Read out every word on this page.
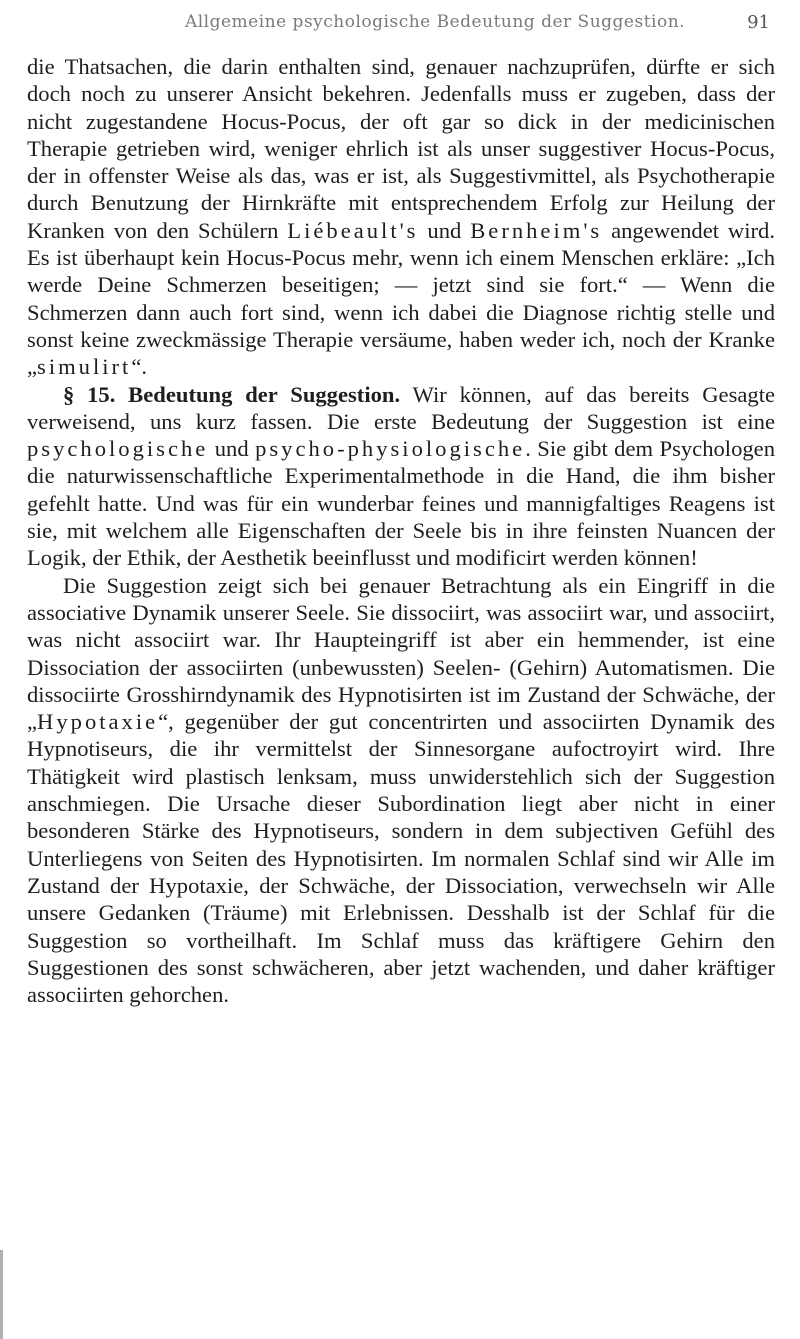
Allgemeine psychologische Bedeutung der Suggestion.	91

die Thatsachen, die darin enthalten sind, genauer nachzuprüfen, dürfte er sich doch noch zu unserer Ansicht bekehren. Jedenfalls muss er zugeben, dass der nicht zugestandene Hocus-Pocus, der oft gar so dick in der medicinischen Therapie getrieben wird, weniger ehrlich ist als unser suggestiver Hocus-Pocus, der in offenster Weise als das, was er ist, als Suggestivmittel, als Psychotherapie durch Benutzung der Hirnkräfte mit entsprechendem Erfolg zur Heilung der Kranken von den Schülern Liébeault's und Bernheim's angewendet wird. Es ist überhaupt kein Hocus-Pocus mehr, wenn ich einem Menschen erkläre: „Ich werde Deine Schmerzen beseitigen; — jetzt sind sie fort.“ — Wenn die Schmerzen dann auch fort sind, wenn ich dabei die Diagnose richtig stelle und sonst keine zweckmässige Therapie versäume, haben weder ich, noch der Kranke „simulirt“.

§ 15. Bedeutung der Suggestion. Wir können, auf das bereits Gesagte verweisend, uns kurz fassen. Die erste Bedeutung der Suggestion ist eine psychologische und psycho-physiologische. Sie gibt dem Psychologen die naturwissenschaftliche Experimentalmethode in die Hand, die ihm bisher gefehlt hatte. Und was für ein wunderbar feines und mannigfaltiges Reagens ist sie, mit welchem alle Eigenschaften der Seele bis in ihre feinsten Nuancen der Logik, der Ethik, der Aesthetik beeinflusst und modificirt werden können!

Die Suggestion zeigt sich bei genauer Betrachtung als ein Eingriff in die associative Dynamik unserer Seele. Sie dissociirt, was associirt war, und associirt, was nicht associirt war. Ihr Haupteingriff ist aber ein hemmender, ist eine Dissociation der associirten (unbewussten) Seelen- (Gehirn) Automatismen. Die dissociirte Grosshirndynamik des Hypnotisirten ist im Zustand der Schwäche, der „Hypotaxie“, gegenüber der gut concentrirten und associirten Dynamik des Hypnotiseurs, die ihr vermittelst der Sinnesorgane aufoctroyirt wird. Ihre Thätigkeit wird plastisch lenksam, muss unwiderstehlich sich der Suggestion anschmiegen. Die Ursache dieser Subordination liegt aber nicht in einer besonderen Stärke des Hypnotiseurs, sondern in dem subjectiven Gefühl des Unterliegens von Seiten des Hypnotisirten. Im normalen Schlaf sind wir Alle im Zustand der Hypotaxie, der Schwäche, der Dissociation, verwechseln wir Alle unsere Gedanken (Träume) mit Erlebnissen. Desshalb ist der Schlaf für die Suggestion so vortheilhaft. Im Schlaf muss das kräftigere Gehirn den Suggestionen des sonst schwächeren, aber jetzt wachenden, und daher kräftiger associirten gehorchen.
